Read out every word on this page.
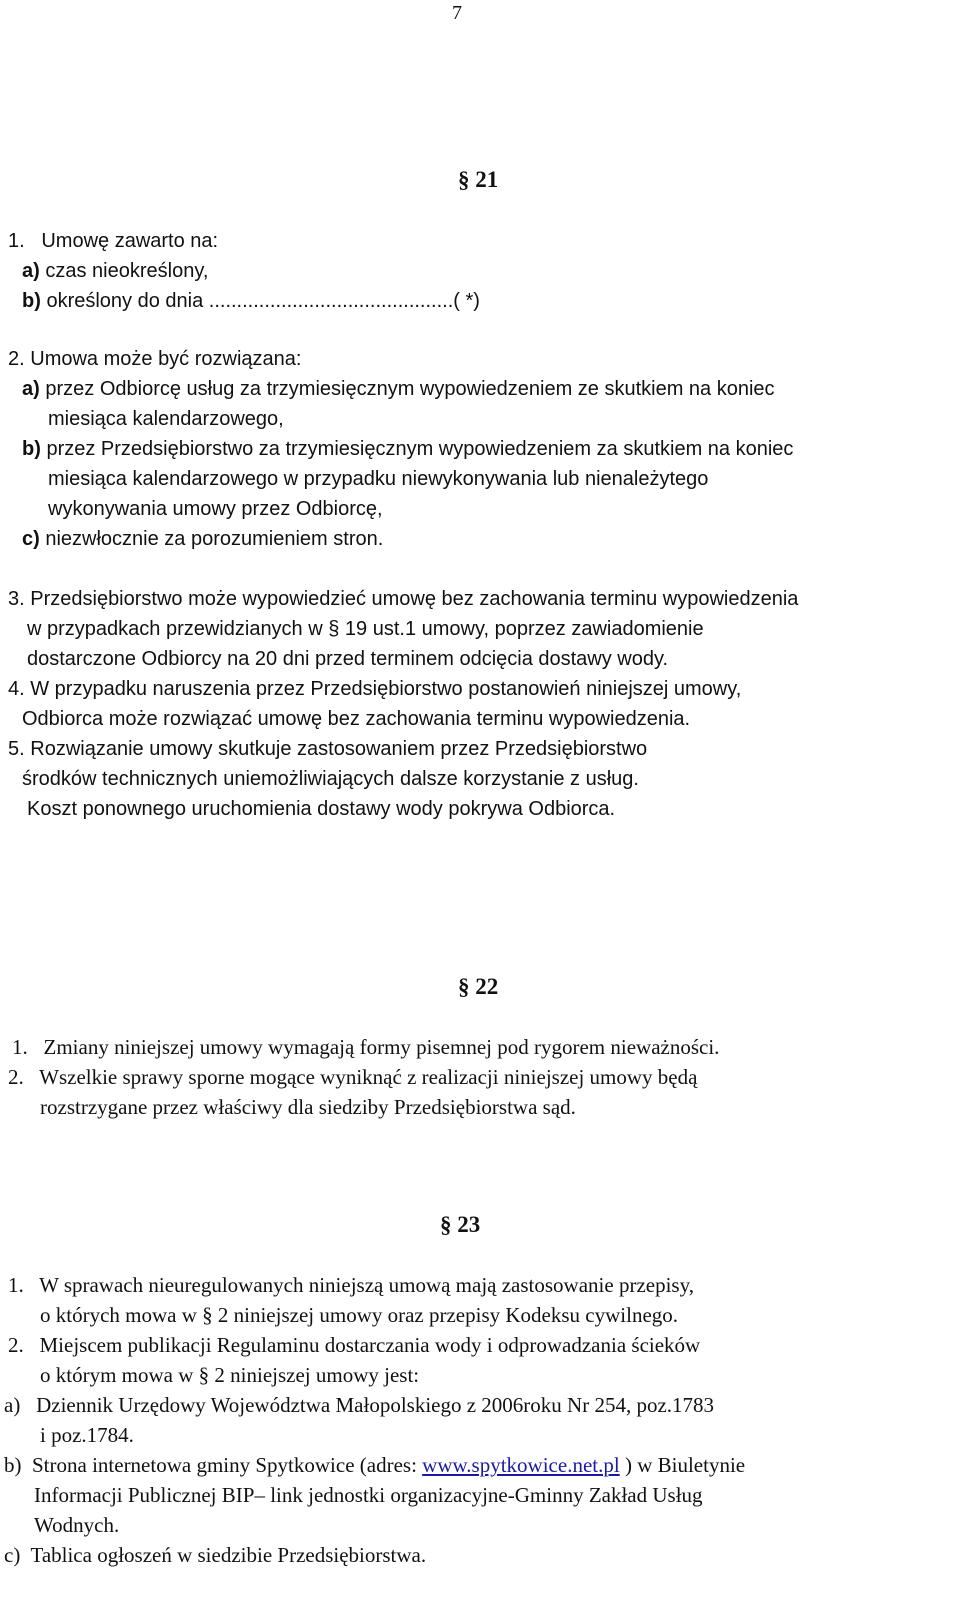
7
§ 21
1. Umowę zawarto na:
a) czas nieokreślony,
b) określony do dnia ............................................( *)
2. Umowa może być rozwiązana:
a) przez Odbiorcę usług za trzymiesięcznym wypowiedzeniem ze skutkiem na koniec
miesiąca kalendarzowego,
b) przez Przedsiębiorstwo za trzymiesięcznym wypowiedzeniem za skutkiem na koniec
miesiąca kalendarzowego w przypadku niewykonywania lub nienależytego
wykonywania umowy przez Odbiorcę,
c) niezwłocznie za porozumieniem stron.
3. Przedsiębiorstwo może wypowiedzieć umowę bez zachowania terminu wypowiedzenia
w przypadkach przewidzianych w § 19 ust.1 umowy, poprzez zawiadomienie
dostarczone Odbiorcy na 20 dni przed terminem odcięcia dostawy wody.
4. W przypadku naruszenia przez Przedsiębiorstwo postanowień niniejszej umowy,
Odbiorca może rozwiązać umowę bez zachowania terminu wypowiedzenia.
5. Rozwiązanie umowy skutkuje zastosowaniem przez Przedsiębiorstwo
środków technicznych uniemożliwiających dalsze korzystanie z usług.
Koszt ponownego uruchomienia dostawy wody pokrywa Odbiorca.
§ 22
1. Zmiany niniejszej umowy wymagają formy pisemnej pod rygorem nieważności.
2. Wszelkie sprawy sporne mogące wyniknąć z realizacji niniejszej umowy będą
rozstrzygane przez właściwy dla siedziby Przedsiębiorstwa sąd.
§ 23
1. W sprawach nieuregulowanych niniejszą umową mają zastosowanie przepisy,
o których mowa w § 2 niniejszej umowy oraz przepisy Kodeksu cywilnego.
2. Miejscem publikacji Regulaminu dostarczania wody i odprowadzania ścieków
o którym mowa w § 2 niniejszej umowy jest:
a) Dziennik Urzędowy Województwa Małopolskiego z 2006roku Nr 254, poz.1783
i poz.1784.
b) Strona internetowa gminy Spytkowice (adres: www.spytkowice.net.pl ) w Biuletynie
Informacji Publicznej BIP– link jednostki organizacyjne-Gminny Zakład Usług
Wodnych.
c) Tablica ogłoszeń w siedzibie Przedsiębiorstwa.
